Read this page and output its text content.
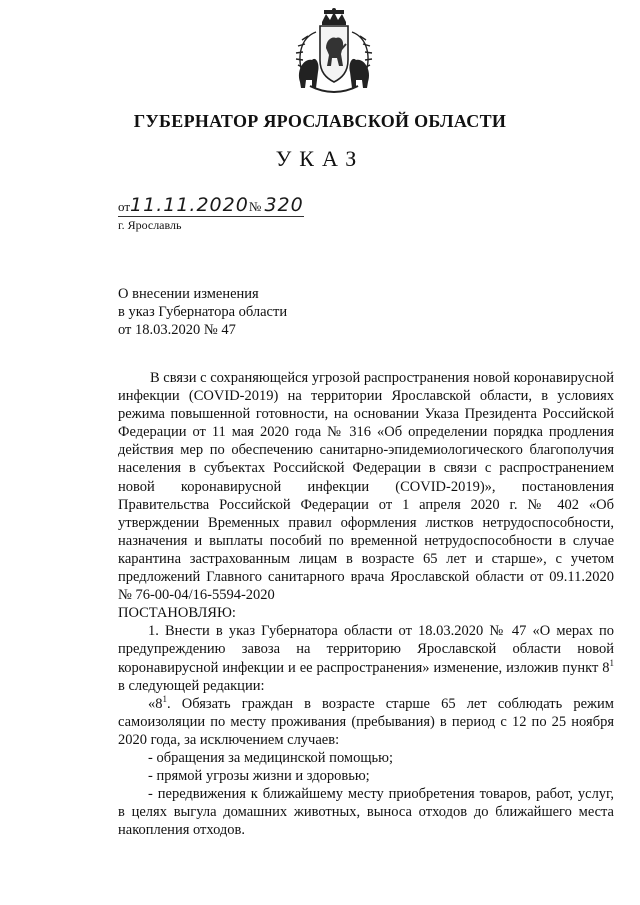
ГУБЕРНАТОР ЯРОСЛАВСКОЙ ОБЛАСТИ
УКАЗ
от11.11.2020№ 320
г. Ярославль
О внесении изменения
в указ Губернатора области
от 18.03.2020 № 47

В связи с сохраняющейся угрозой распространения новой коронавирусной инфекции (COVID-2019) на территории Ярославской области, в условиях режима повышенной готовности, на основании Указа Президента Российской Федерации от 11 мая 2020 года № 316 «Об определении порядка продления действия мер по обеспечению санитарно-эпидемиологического благополучия населения в субъектах Российской Федерации в связи с распространением новой коронавирусной инфекции (COVID-2019)», постановления Правительства Российской Федерации от 1 апреля 2020 г. № 402 «Об утверждении Временных правил оформления листков нетрудоспособности, назначения и выплаты пособий по временной нетрудоспособности в случае карантина застрахованным лицам в возрасте 65 лет и старше», с учетом предложений Главного санитарного врача Ярославской области от 09.11.2020 № 76-00-04/16-5594-2020

ПОСТАНОВЛЯЮ:

1. Внести в указ Губернатора области от 18.03.2020 № 47 «О мерах по предупреждению завоза на территорию Ярославской области новой коронавирусной инфекции и ее распространения» изменение, изложив пункт $8^1$ в следующей редакции:

«$8^1$. Обязать граждан в возрасте старше 65 лет соблюдать режим самоизоляции по месту проживания (пребывания) в период с 12 по 25 ноября 2020 года, за исключением случаев:

- обращения за медицинской помощью;

- прямой угрозы жизни и здоровью;

- передвижения к ближайшему месту приобретения товаров, работ, услуг, в целях выгула домашних животных, выноса отходов до ближайшего места накопления отходов.
